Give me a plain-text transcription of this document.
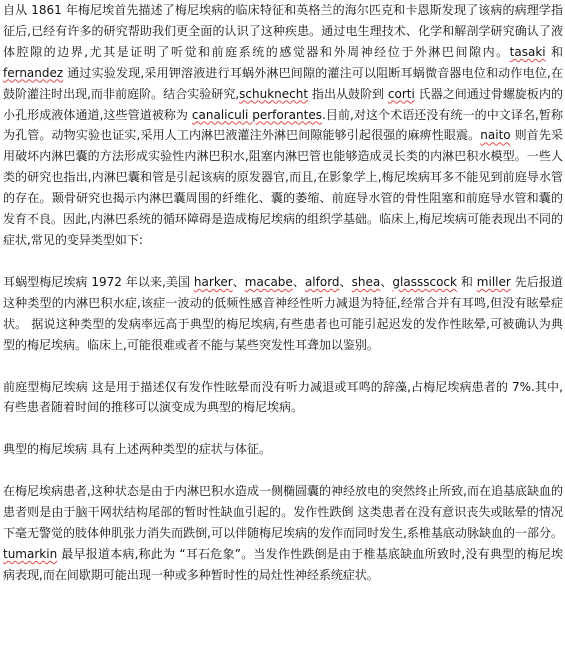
自从 1861 年梅尼埃首先描述了梅尼埃病的临床特征和英格兰的海尔匹克和卡恩斯发现了该病的病理学指征后,已经有许多的研究帮助我们更全面的认识了这种疾患。通过电生理技术、化学和解剖学研究确认了液体腔隙的边界,尤其是证明了听觉和前庭系统的感觉器和外周神经位于外淋巴间隙内。tasaki 和 fernandez 通过实验发现,采用钾溶液进行耳蜗外淋巴间隙的灌注可以阻断耳蜗微音器电位和动作电位,在鼓阶灌注时出现,而非前庭阶。结合实验研究,schuknecht 指出从鼓阶到 corti 氏器之间通过骨螺旋板内的小孔形成液体通道,这些管道被称为 canaliculi perforantes.目前,对这个术语还没有统一的中文译名,暂称为孔管。动物实验也证实,采用人工内淋巴液灌注外淋巴间隙能够引起很强的麻痹性眼震。naito 则首先采用破坏内淋巴囊的方法形成实验性内淋巴积水,阻塞内淋巴管也能够造成灵长类的内淋巴积水模型。一些人类的研究也指出,内淋巴囊和管是引起该病的原发器官,而且,在影象学上,梅尼埃病耳多不能见到前庭导水管的存在。颞骨研究也揭示内淋巴囊周围的纤维化、囊的萎缩、前庭导水管的骨性阻塞和前庭导水管和囊的发育不良。因此,内淋巴系统的循环障碍是造成梅尼埃病的组织学基础。临床上,梅尼埃病可能表现出不同的症状,常见的变异类型如下:

耳蜗型梅尼埃病 1972 年以来,美国 harker、macabe、alford、shea、glassscock 和 miller 先后报道这种类型的内淋巴积水症,该症一波动的低频性感音神经性听力减退为特征,经常合并有耳鸣,但没有眩晕症状。 据说这种类型的发病率远高于典型的梅尼埃病,有些患者也可能引起迟发的发作性眩晕,可被确认为典型的梅尼埃病。临床上,可能很难或者不能与某些突发性耳聋加以鉴别。

前庭型梅尼埃病 这是用于描述仅有发作性眩晕而没有听力减退或耳鸣的辞藻,占梅尼埃病患者的 7%.其中,有些患者随着时间的推移可以演变成为典型的梅尼埃病。

典型的梅尼埃病 具有上述两种类型的症状与体征。

在梅尼埃病患者,这种状态是由于内淋巴积水造成一侧椭圆囊的神经放电的突然终止所致,而在追基底缺血的患者则是由于脑干网状结构尾部的暂时性缺血引起的。发作性跌倒 这类患者在没有意识丧失或眩晕的情况下毫无警觉的肢体伸肌张力消失而跌倒,可以伴随梅尼埃病的发作而同时发生,系椎基底动脉缺血的一部分。tumarkin 最早报道本病,称此为 “耳石危象”。当发作性跌倒是由于椎基底缺血所致时,没有典型的梅尼埃病表现,而在间歇期可能出现一种或多种暂时性的局灶性神经系统症状。
